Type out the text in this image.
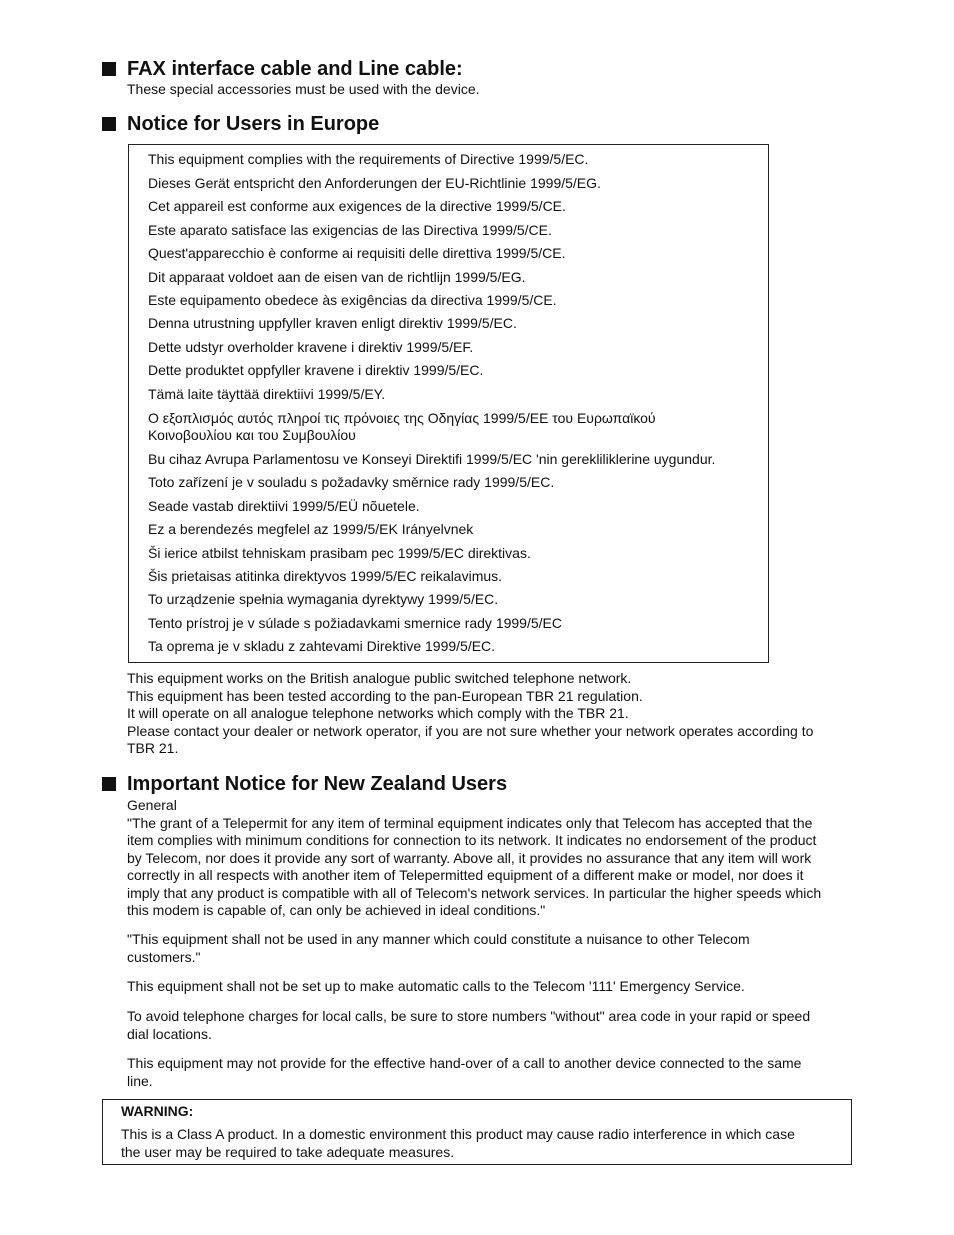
FAX interface cable and Line cable:
These special accessories must be used with the device.
Notice for Users in Europe
This equipment complies with the requirements of Directive 1999/5/EC.
Dieses Gerät entspricht den Anforderungen der EU-Richtlinie 1999/5/EG.
Cet appareil est conforme aux exigences de la directive 1999/5/CE.
Este aparato satisface las exigencias de las Directiva 1999/5/CE.
Quest'apparecchio è conforme ai requisiti delle direttiva 1999/5/CE.
Dit apparaat voldoet aan de eisen van de richtlijn 1999/5/EG.
Este equipamento obedece às exigências da directiva 1999/5/CE.
Denna utrustning uppfyller kraven enligt direktiv 1999/5/EC.
Dette udstyr overholder kravene i direktiv 1999/5/EF.
Dette produktet oppfyller kravene i direktiv 1999/5/EC.
Tämä laite täyttää direktiivi 1999/5/EY.
Ο εξοπλισμός αυτός πληροί τις πρόνοιες της Οδηγίας 1999/5/ΕΕ του Ευρωπαϊκού
Κοινοβουλίου και του Συμβουλίου
Bu cihaz Avrupa Parlamentosu ve Konseyi Direktifi 1999/5/EC 'nin gerekliliklerine uygundur.
Toto zařízení je v souladu s požadavky směrnice rady 1999/5/EC.
Seade vastab direktiivi 1999/5/EÜ nõuetele.
Ez a berendezés megfelel az 1999/5/EK Irányelvnek
Ši ierice atbilst tehniskam prasibam pec 1999/5/EC direktivas.
Šis prietaisas atitinka direktyvos 1999/5/EC reikalavimus.
To urządzenie spełnia wymagania dyrektywy 1999/5/EC.
Tento prístroj je v súlade s požiadavkami smernice rady 1999/5/EC
Ta oprema je v skladu z zahtevami Direktive 1999/5/EC.
This equipment works on the British analogue public switched telephone network.
This equipment has been tested according to the pan-European TBR 21 regulation.
It will operate on all analogue telephone networks which comply with the TBR 21.
Please contact your dealer or network operator, if you are not sure whether your network operates according to
TBR 21.
Important Notice for New Zealand Users
General
"The grant of a Telepermit for any item of terminal equipment indicates only that Telecom has accepted that the
item complies with minimum conditions for connection to its network. It indicates no endorsement of the product
by Telecom, nor does it provide any sort of warranty. Above all, it provides no assurance that any item will work
correctly in all respects with another item of Telepermitted equipment of a different make or model, nor does it
imply that any product is compatible with all of Telecom's network services. In particular the higher speeds which
this modem is capable of, can only be achieved in ideal conditions."
"This equipment shall not be used in any manner which could constitute a nuisance to other Telecom
customers."
This equipment shall not be set up to make automatic calls to the Telecom '111' Emergency Service.
To avoid telephone charges for local calls, be sure to store numbers "without" area code in your rapid or speed
dial locations.
This equipment may not provide for the effective hand-over of a call to another device connected to the same
line.
WARNING:
This is a Class A product. In a domestic environment this product may cause radio interference in which case
the user may be required to take adequate measures.
